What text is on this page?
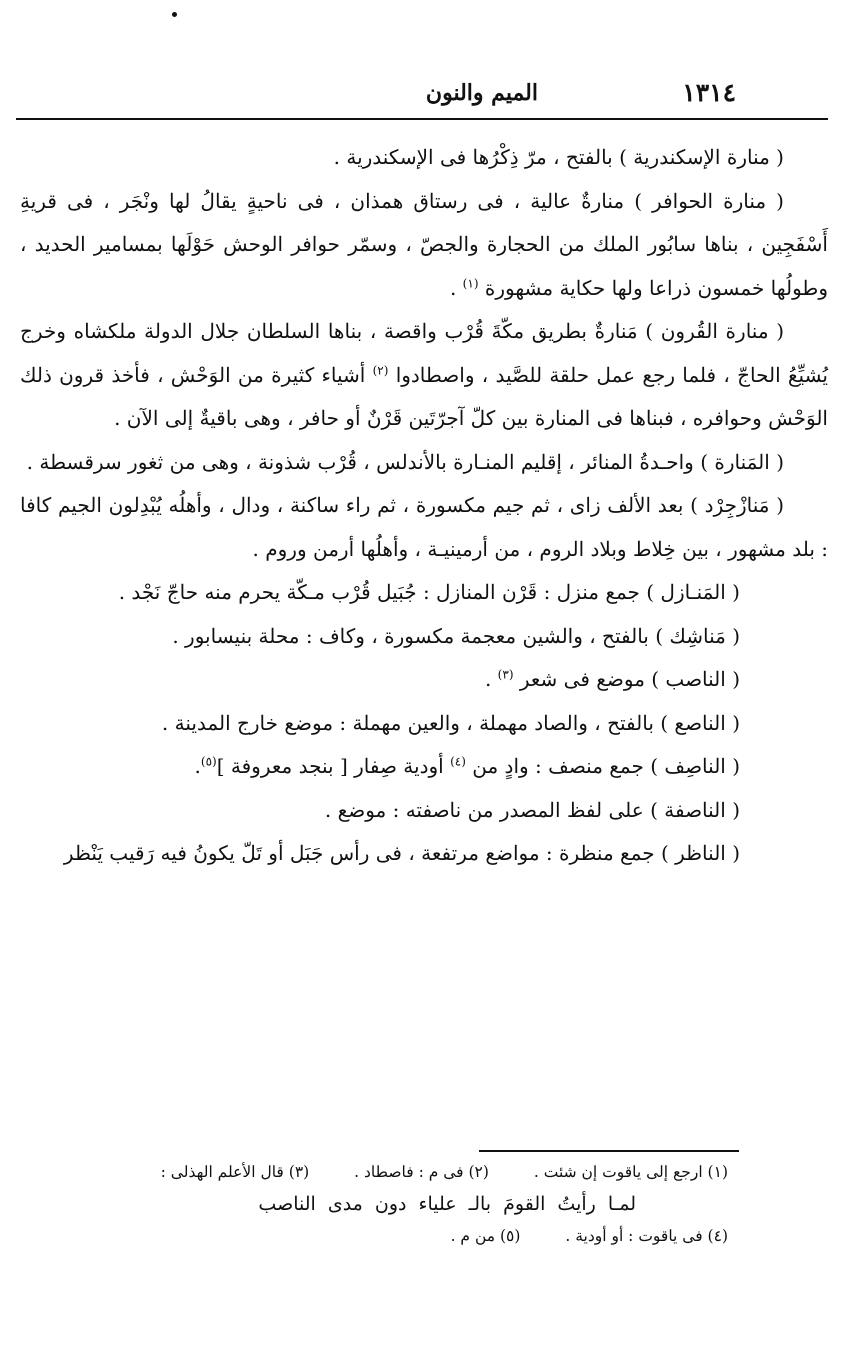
١٣١٤
الميم والنون

( منارة الإسكندرية ) بالفتح ، مرّ ذِكْرُها فى الإسكندرية .

( منارة الحوافر ) منارةٌ عالية ، فى رستاق همذان ، فى ناحيةٍ يقالُ لها ونْجَر ، فى قريةِ أَسْفَجِين ، بناها سابُور الملك من الحجارة والجصّ ، وسمّر حوافر الوحش حَوْلَها بمسامير الحديد ، وطولُها خمسون ذراعا ولها حكاية مشهورة $^{(١)}$ .

( منارة القُرون ) مَنارةٌ بطريق مكّةَ قُرْب واقصة ، بناها السلطان جلال الدولة ملكشاه وخرج يُشيِّعُ الحاجّ ، فلما رجع عمل حلقة للصَّيد ، واصطادوا $^{(٢)}$ أشياء كثيرة من الوَحْش ، فأخذ قرون ذلك الوَحْش وحوافره ، فبناها فى المنارة بين كلّ آجرّتَين قَرْنٌ أو حافر ، وهى باقيةٌ إلى الآن .

( المَنارة ) واحـدةُ المنائر ، إقليم المنـارة بالأندلس ، قُرْب شذونة ، وهى من ثغور سرقسطة .

( مَنازْجِرْد ) بعد الألف زاى ، ثم جيم مكسورة ، ثم راء ساكنة ، ودال ، وأهلُه يُبْدِلون الجيم كافا : بلد مشهور ، بين خِلاط وبلاد الروم ، من أرمينيـة ، وأهلُها أرمن وروم .

( المَنـازل ) جمع منزل : قَرْن المنازل : جُبَيل قُرْب مـكّة يحرم منه حاجّ نَجْد .

( مَناشِك ) بالفتح ، والشين معجمة مكسورة ، وكاف : محلة بنيسابور .

( الناصب ) موضع فى شعر $^{(٣)}$ .

( الناصع ) بالفتح ، والصاد مهملة ، والعين مهملة : موضع خارج المدينة .

( الناصِف ) جمع منصف : وادٍ من $^{(٤)}$ أودية صِفار [ بنجد معروفة ]$^{(٥)}$.

( الناصفة ) على لفظ المصدر من ناصفته : موضع .

( الناظر ) جمع منظرة : مواضع مرتفعة ، فى رأس جَبَل أو تَلّ يكونُ فيه رَقيب يَنْظر

(١) ارجع إلى ياقوت إن شئت . (٢) فى م : فاصطاد . (٣) قال الأعلم الهذلى :
لمـا رأيتُ القومَ بالـ علياء دون مدى الناصب
(٤) فى ياقوت : أو أودية . (٥) من م .
